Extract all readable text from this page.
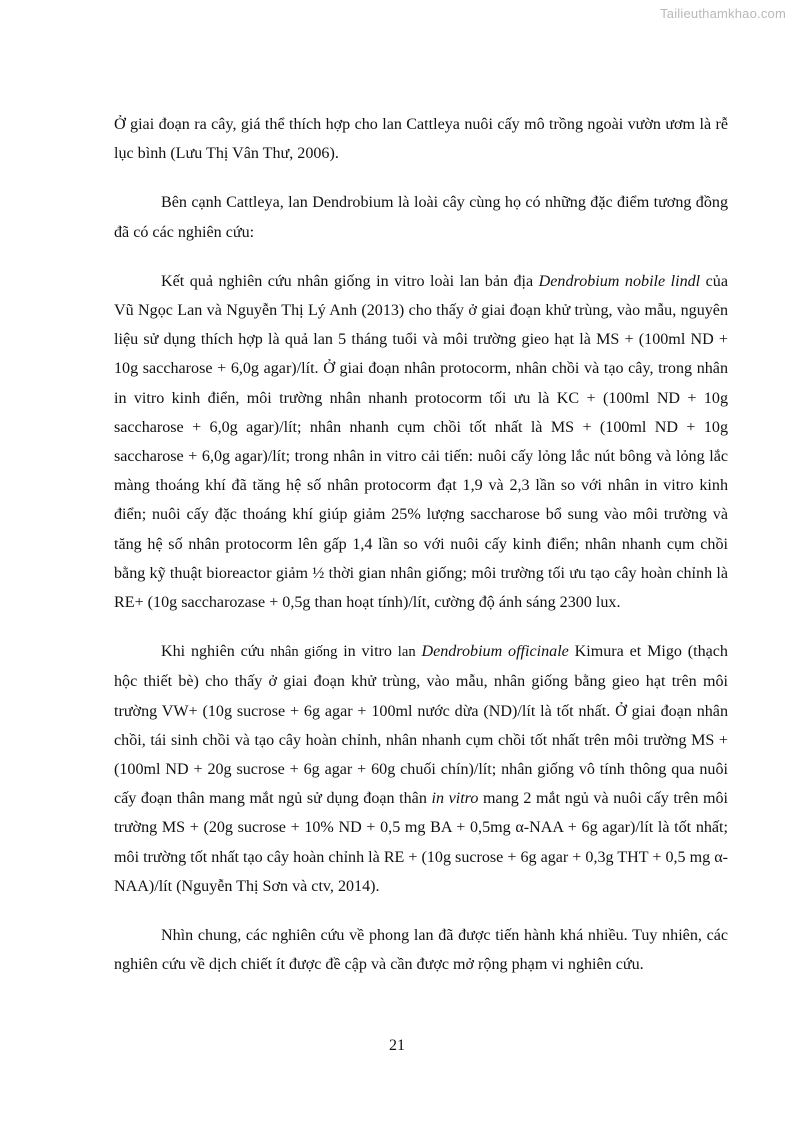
Tailieuthamkhao.com

Ở giai đoạn ra cây, giá thể thích hợp cho lan Cattleya nuôi cấy mô trồng ngoài vườn ươm là rễ lục bình (Lưu Thị Vân Thư, 2006).

Bên cạnh Cattleya, lan Dendrobium là loài cây cùng họ có những đặc điểm tương đồng đã có các nghiên cứu:

Kết quả nghiên cứu nhân giống in vitro loài lan bản địa Dendrobium nobile lindl của Vũ Ngọc Lan và Nguyễn Thị Lý Anh (2013) cho thấy ở giai đoạn khử trùng, vào mẫu, nguyên liệu sử dụng thích hợp là quả lan 5 tháng tuổi và môi trường gieo hạt là MS + (100ml ND + 10g saccharose + 6,0g agar)/lít. Ở giai đoạn nhân protocorm, nhân chồi và tạo cây, trong nhân in vitro kinh điển, môi trường nhân nhanh protocorm tối ưu là KC + (100ml ND + 10g saccharose + 6,0g agar)/lít; nhân nhanh cụm chồi tốt nhất là MS + (100ml ND + 10g saccharose + 6,0g agar)/lít; trong nhân in vitro cải tiến: nuôi cấy lỏng lắc nút bông và lỏng lắc màng thoáng khí đã tăng hệ số nhân protocorm đạt 1,9 và 2,3 lần so với nhân in vitro kinh điển; nuôi cấy đặc thoáng khí giúp giảm 25% lượng saccharose bổ sung vào môi trường và tăng hệ số nhân protocorm lên gấp 1,4 lần so với nuôi cấy kinh điển; nhân nhanh cụm chồi bằng kỹ thuật bioreactor giảm ½ thời gian nhân giống; môi trường tối ưu tạo cây hoàn chỉnh là RE+ (10g saccharozase + 0,5g than hoạt tính)/lít, cường độ ánh sáng 2300 lux.

Khi nghiên cứu nhân giống in vitro lan Dendrobium officinale Kimura et Migo (thạch hộc thiết bè) cho thấy ở giai đoạn khử trùng, vào mẫu, nhân giống bằng gieo hạt trên môi trường VW+ (10g sucrose + 6g agar + 100ml nước dừa (ND)/lít là tốt nhất. Ở giai đoạn nhân chồi, tái sinh chồi và tạo cây hoàn chỉnh, nhân nhanh cụm chồi tốt nhất trên môi trường MS + (100ml ND + 20g sucrose + 6g agar + 60g chuối chín)/lít; nhân giống vô tính thông qua nuôi cấy đoạn thân mang mắt ngủ sử dụng đoạn thân in vitro mang 2 mắt ngủ và nuôi cấy trên môi trường MS + (20g sucrose + 10% ND + 0,5 mg BA + 0,5mg α-NAA + 6g agar)/lít là tốt nhất; môi trường tốt nhất tạo cây hoàn chỉnh là RE + (10g sucrose + 6g agar + 0,3g THT + 0,5 mg α-NAA)/lít (Nguyễn Thị Sơn và ctv, 2014).

Nhìn chung, các nghiên cứu về phong lan đã được tiến hành khá nhiều. Tuy nhiên, các nghiên cứu về dịch chiết ít được đề cập và cần được mở rộng phạm vi nghiên cứu.

21
